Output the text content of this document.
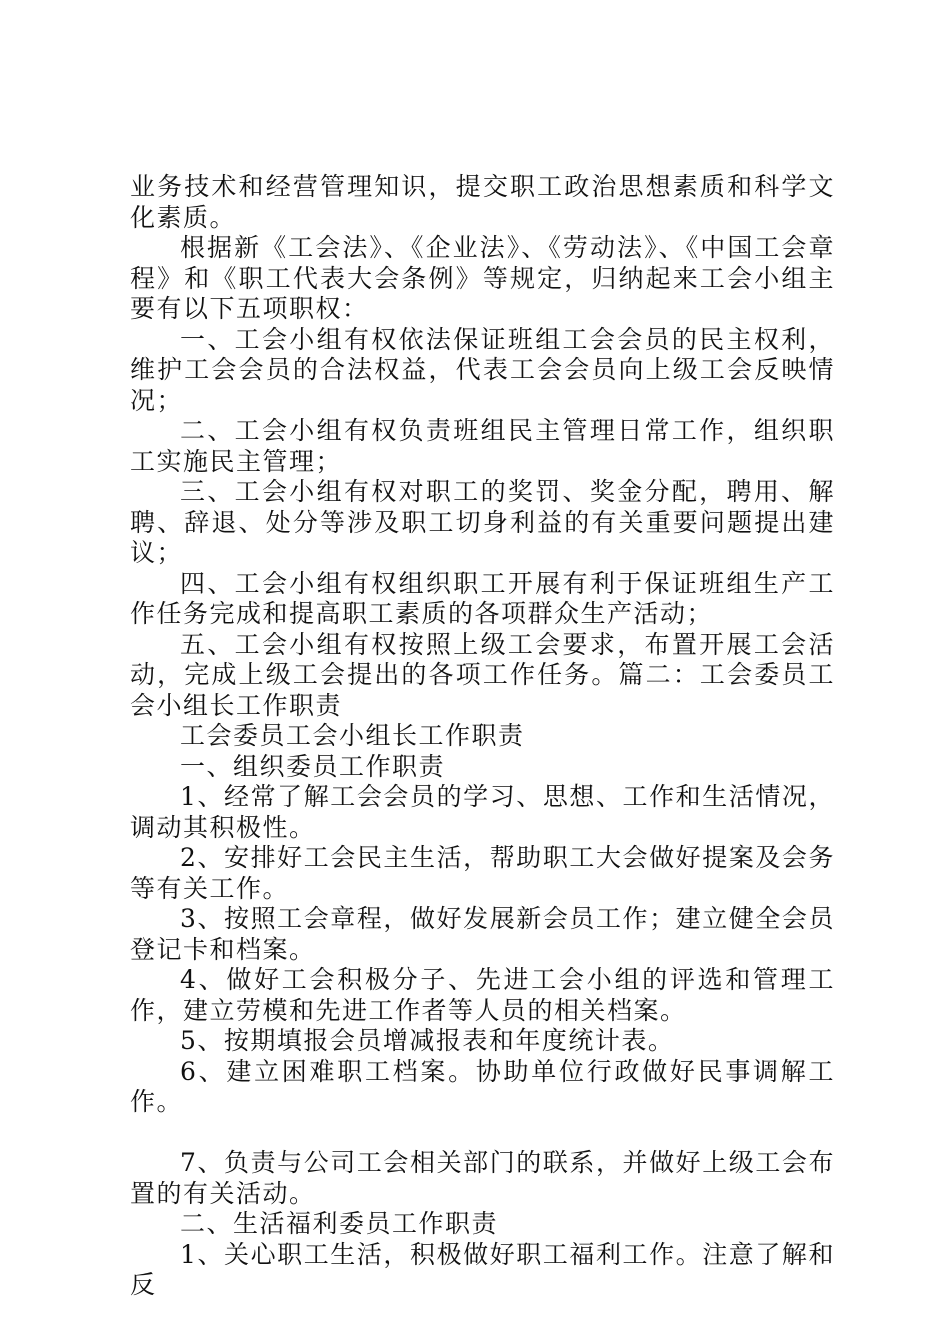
业务技术和经营管理知识，提交职工政治思想素质和科学文化素质。

根据新《工会法》、《企业法》、《劳动法》、《中国工会章程》和《职工代表大会条例》等规定，归纳起来工会小组主要有以下五项职权：

一、工会小组有权依法保证班组工会会员的民主权利，维护工会会员的合法权益，代表工会会员向上级工会反映情况；

二、工会小组有权负责班组民主管理日常工作，组织职工实施民主管理；

三、工会小组有权对职工的奖罚、奖金分配，聘用、解聘、辞退、处分等涉及职工切身利益的有关重要问题提出建议；

四、工会小组有权组织职工开展有利于保证班组生产工作任务完成和提高职工素质的各项群众生产活动；

五、工会小组有权按照上级工会要求，布置开展工会活动，完成上级工会提出的各项工作任务。篇二：工会委员工会小组长工作职责

工会委员工会小组长工作职责

一、组织委员工作职责

1、经常了解工会会员的学习、思想、工作和生活情况，调动其积极性。

2、安排好工会民主生活，帮助职工大会做好提案及会务等有关工作。

3、按照工会章程，做好发展新会员工作；建立健全会员登记卡和档案。

4、做好工会积极分子、先进工会小组的评选和管理工作，建立劳模和先进工作者等人员的相关档案。

5、按期填报会员增减报表和年度统计表。

6、建立困难职工档案。协助单位行政做好民事调解工作。

7、负责与公司工会相关部门的联系，并做好上级工会布置的有关活动。

二、生活福利委员工作职责

1、关心职工生活，积极做好职工福利工作。注意了解和反
